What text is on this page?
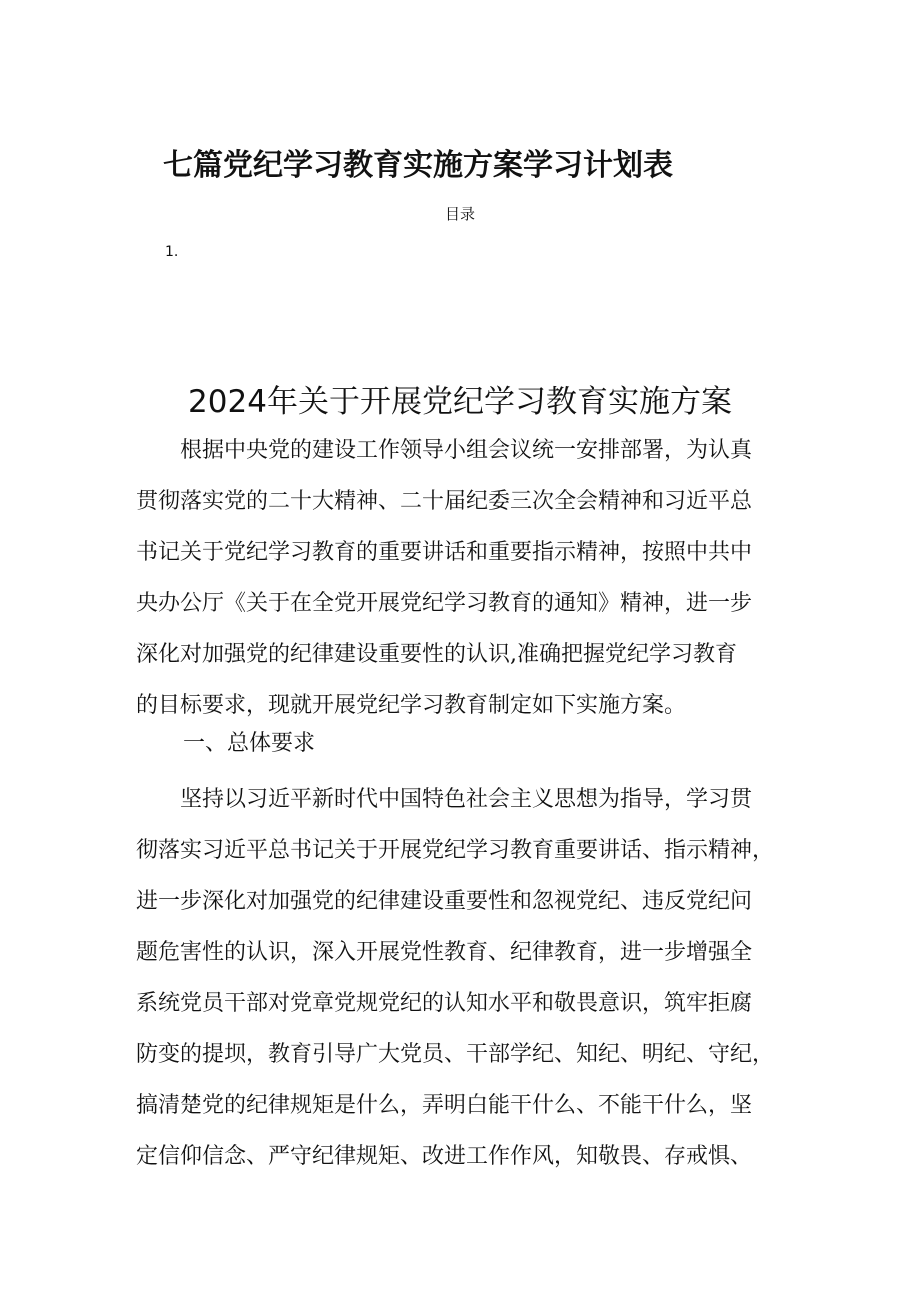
七篇党纪学习教育实施方案学习计划表
目录
1.
2024年关于开展党纪学习教育实施方案
　　根据中央党的建设工作领导小组会议统一安排部署，为认真
贯彻落实党的二十大精神、二十届纪委三次全会精神和习近平总
书记关于党纪学习教育的重要讲话和重要指示精神，按照中共中
央办公厅《关于在全党开展党纪学习教育的通知》精神，进一步
深化对加强党的纪律建设重要性的认识,准确把握党纪学习教育
的目标要求，现就开展党纪学习教育制定如下实施方案。
一、总体要求
　　坚持以习近平新时代中国特色社会主义思想为指导，学习贯
彻落实习近平总书记关于开展党纪学习教育重要讲话、指示精神，
进一步深化对加强党的纪律建设重要性和忽视党纪、违反党纪问
题危害性的认识，深入开展党性教育、纪律教育，进一步增强全
系统党员干部对党章党规党纪的认知水平和敬畏意识，筑牢拒腐
防变的提坝，教育引导广大党员、干部学纪、知纪、明纪、守纪，
搞清楚党的纪律规矩是什么，弄明白能干什么、不能干什么，坚
定信仰信念、严守纪律规矩、改进工作作风，知敬畏、存戒惧、
